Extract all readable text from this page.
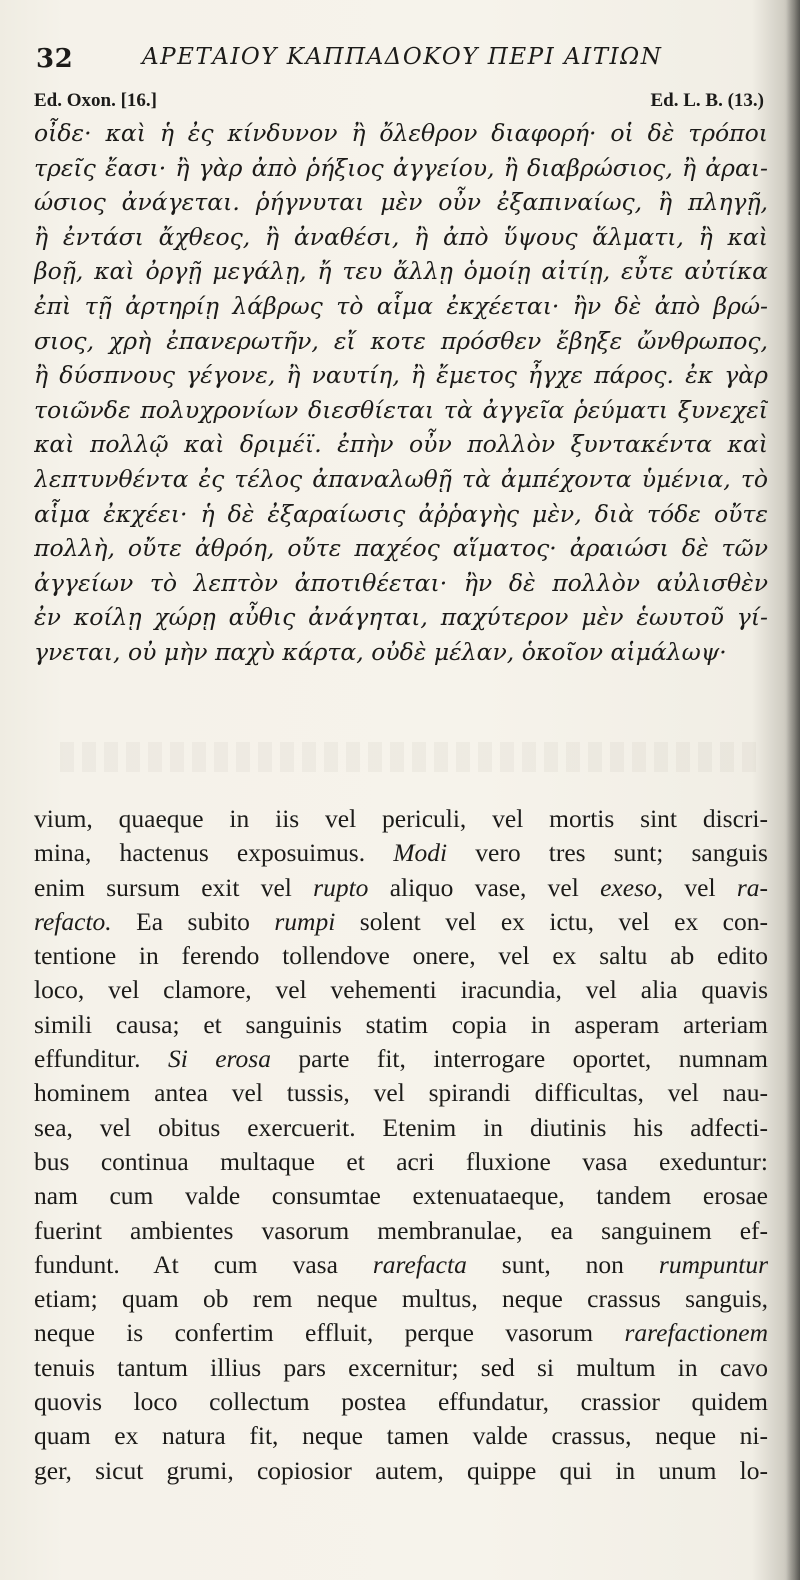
32	ΑΡΕΤΑΙΟΥ ΚΑΠΠΑΔΟΚΟΥ ΠΕΡΙ ΑΙΤΙΩΝ
Ed. Oxon. [16.]	Ed. L. B. (13.)
οἶδε· καὶ ἡ ἐς κίνδυνον ἢ ὄλεθρον διαφορή· οἱ δὲ τρόποι
τρεῖς ἔασι· ἢ γὰρ ἀπὸ ῥήξιος ἀγγείου, ἢ διαβρώσιος, ἢ ἀραι-
ώσιος ἀνάγεται. ῥήγνυται μὲν οὖν ἐξαπιναίως, ἢ πληγῇ,
ἢ ἐντάσι ἄχθεος, ἢ ἀναθέσι, ἢ ἀπὸ ὕψους ἅλματι, ἢ καὶ
βοῇ, καὶ ὀργῇ μεγάλῃ, ἤ τευ ἄλλῃ ὁμοίῃ αἰτίῃ, εὖτε αὐτίκα
ἐπὶ τῇ ἀρτηρίῃ λάβρως τὸ αἷμα ἐκχέεται· ἢν δὲ ἀπὸ βρώ-
σιος, χρὴ ἐπανερωτῆν, εἴ κοτε πρόσθεν ἔβηξε ὤνθρωπος,
ἢ δύσπνους γέγονε, ἢ ναυτίη, ἢ ἔμετος ἦγχε πάρος. ἐκ γὰρ
τοιῶνδε πολυχρονίων διεσθίεται τὰ ἀγγεῖα ῥεύματι ξυνεχεῖ
καὶ πολλῷ καὶ δριμέϊ. ἐπὴν οὖν πολλὸν ξυντακέντα καὶ
λεπτυνθέντα ἐς τέλος ἀπαναλωθῇ τὰ ἀμπέχοντα ὑμένια, τὸ
αἷμα ἐκχέει· ἡ δὲ ἐξαραίωσις ἀῤῥαγὴς μὲν, διὰ τόδε οὔτε
πολλὴ, οὔτε ἀθρόη, οὔτε παχέος αἵματος· ἀραιώσι δὲ τῶν
ἀγγείων τὸ λεπτὸν ἀποτιθέεται· ἢν δὲ πολλὸν αὐλισθὲν
ἐν κοίλῃ χώρῃ αὖθις ἀνάγηται, παχύτερον μὲν ἑωυτοῦ γί-
γνεται, οὐ μὴν παχὺ κάρτα, οὐδὲ μέλαν, ὁκοῖον αἱμάλωψ·
vium, quaeque in iis vel periculi, vel mortis sint discri-
mina, hactenus exposuimus. Modi vero tres sunt; sanguis
enim sursum exit vel rupto aliquo vase, vel exeso, vel ra-
refacto. Ea subito rumpi solent vel ex ictu, vel ex con-
tentione in ferendo tollendove onere, vel ex saltu ab edito
loco, vel clamore, vel vehementi iracundia, vel alia quavis
simili causa; et sanguinis statim copia in asperam arteriam
effunditur. Si erosa parte fit, interrogare oportet, numnam
hominem antea vel tussis, vel spirandi difficultas, vel nau-
sea, vel obitus exercuerit. Etenim in diutinis his adfecti-
bus continua multaque et acri fluxione vasa exeduntur:
nam cum valde consumtae extenuataeque, tandem erosae
fuerint ambientes vasorum membranulae, ea sanguinem ef-
fundunt. At cum vasa rarefacta sunt, non rumpuntur
etiam; quam ob rem neque multus, neque crassus sanguis,
neque is confertim effluit, perque vasorum rarefactionem
tenuis tantum illius pars excernitur; sed si multum in cavo
quovis loco collectum postea effundatur, crassior quidem
quam ex natura fit, neque tamen valde crassus, neque ni-
ger, sicut grumi, copiosior autem, quippe qui in unum lo-
